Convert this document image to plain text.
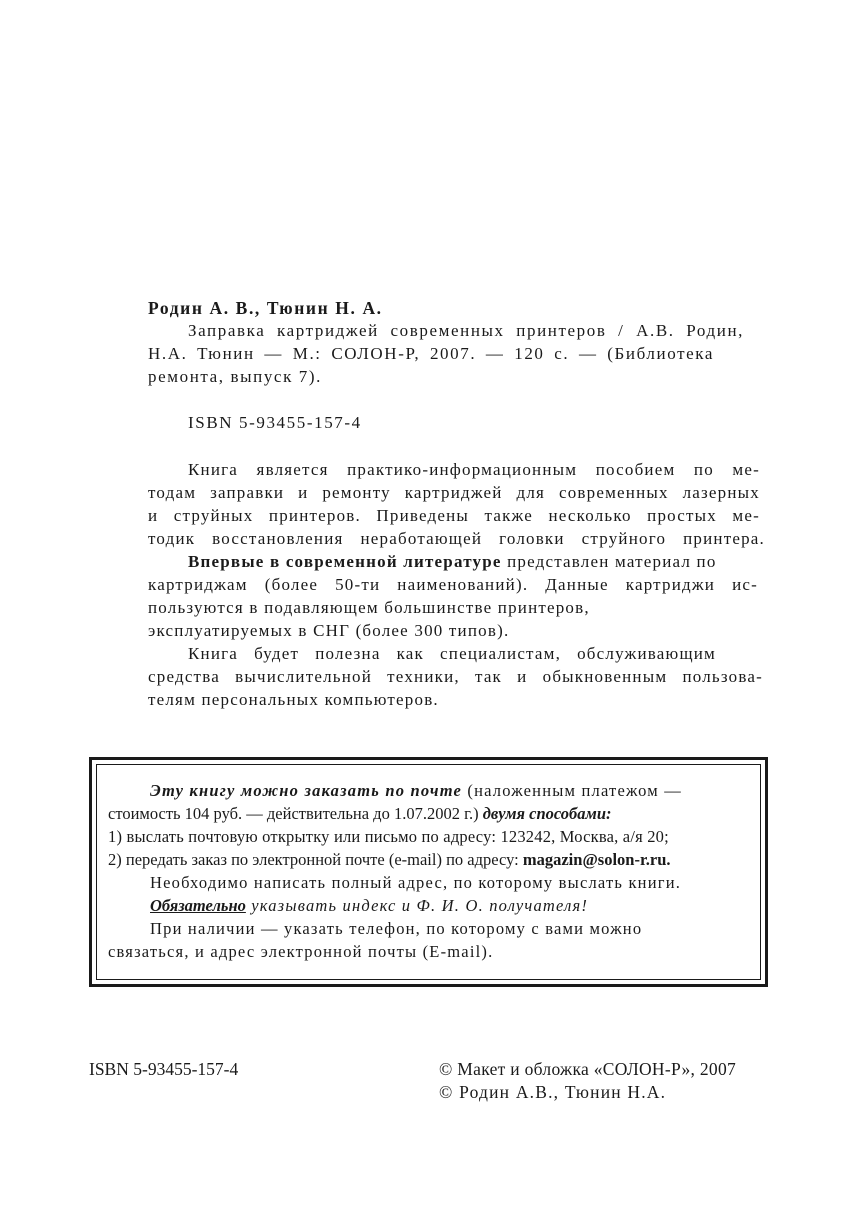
Родин А. В., Тюнин Н. А.
Заправка картриджей современных принтеров / А.В. Родин,
Н.А. Тюнин — М.: СОЛОН-Р, 2007. — 120 с. — (Библиотека
ремонта, выпуск 7).
ISBN 5-93455-157-4
Книга является практико-информационным пособием по ме-
тодам заправки и ремонту картриджей для современных лазерных
и струйных принтеров. Приведены также несколько простых ме-
тодик восстановления неработающей головки струйного принтера.
Впервые в современной литературе представлен материал по
картриджам (более 50-ти наименований). Данные картриджи ис-
пользуются в подавляющем большинстве принтеров,
эксплуатируемых в СНГ (более 300 типов).
Книга будет полезна как специалистам, обслуживающим
средства вычислительной техники, так и обыкновенным пользова-
телям персональных компьютеров.
Эту книгу можно заказать по почте (наложенным платежом —
стоимость 104 руб. — действительна до 1.07.2002 г.) двумя способами:
1) выслать почтовую открытку или письмо по адресу: 123242, Москва, а/я 20;
2) передать заказ по электронной почте (e-mail) по адресу: magazin@solon-r.ru.
Необходимо написать полный адрес, по которому выслать книги.
Обязательно указывать индекс и Ф. И. О. получателя!
При наличии — указать телефон, по которому с вами можно
связаться, и адрес электронной почты (E-mail).
ISBN 5-93455-157-4	© Макет и обложка «СОЛОН-Р», 2007
© Родин А.В., Тюнин Н.А.
